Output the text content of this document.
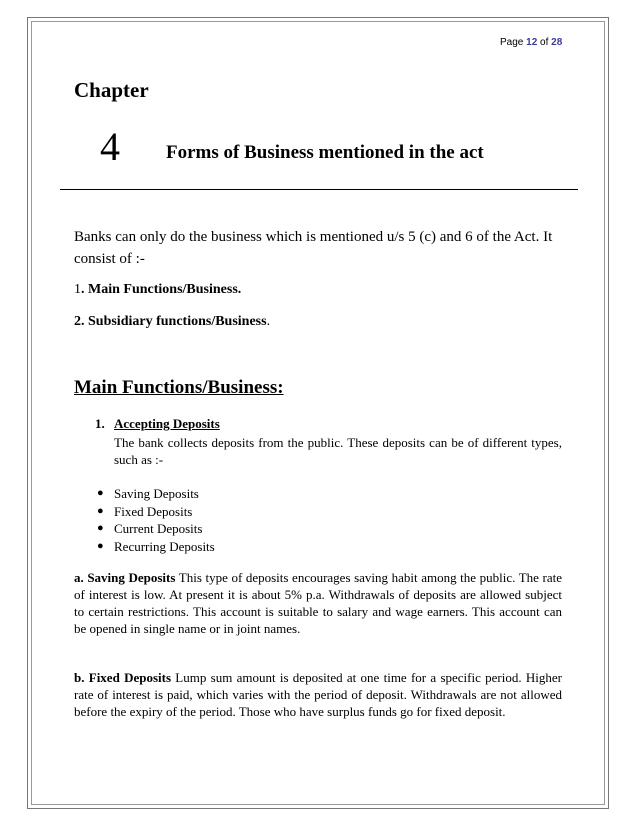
Page 12 of 28
Chapter
4 Forms of Business mentioned in the act

Banks can only do the business which is mentioned u/s 5 (c) and 6 of the Act. It consist of :-

1. Main Functions/Business.
2. Subsidiary functions/Business.
Main Functions/Business:
1. Accepting Deposits

The bank collects deposits from the public. These deposits can be of different types, such as :-

● Saving Deposits
● Fixed Deposits
● Current Deposits
● Recurring Deposits

a. Saving Deposits This type of deposits encourages saving habit among the public. The rate of interest is low. At present it is about 5% p.a. Withdrawals of deposits are allowed subject to certain restrictions. This account is suitable to salary and wage earners. This account can be opened in single name or in joint names.

b. Fixed Deposits Lump sum amount is deposited at one time for a specific period. Higher rate of interest is paid, which varies with the period of deposit. Withdrawals are not allowed before the expiry of the period. Those who have surplus funds go for fixed deposit.
